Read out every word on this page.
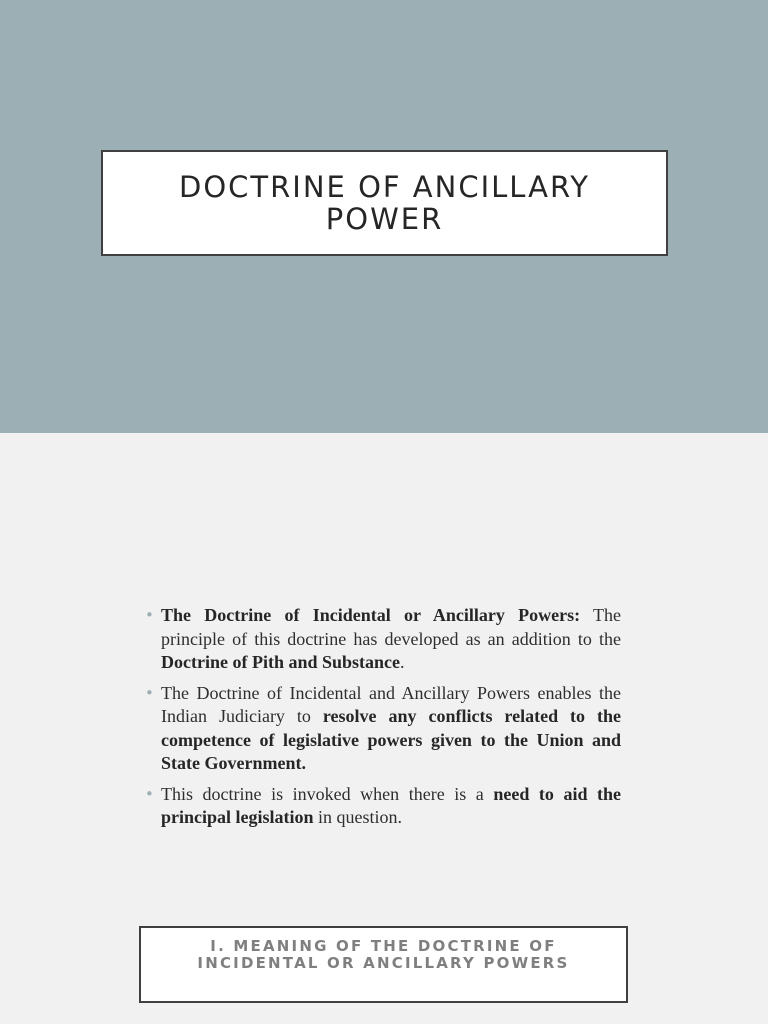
DOCTRINE OF ANCILLARY POWER
• The Doctrine of Incidental or Ancillary Powers: The principle of this doctrine has developed as an addition to the Doctrine of Pith and Substance.
• The Doctrine of Incidental and Ancillary Powers enables the Indian Judiciary to resolve any conflicts related to the competence of legislative powers given to the Union and State Government.
• This doctrine is invoked when there is a need to aid the principal legislation in question.
I. MEANING OF THE DOCTRINE OF INCIDENTAL OR ANCILLARY POWERS
